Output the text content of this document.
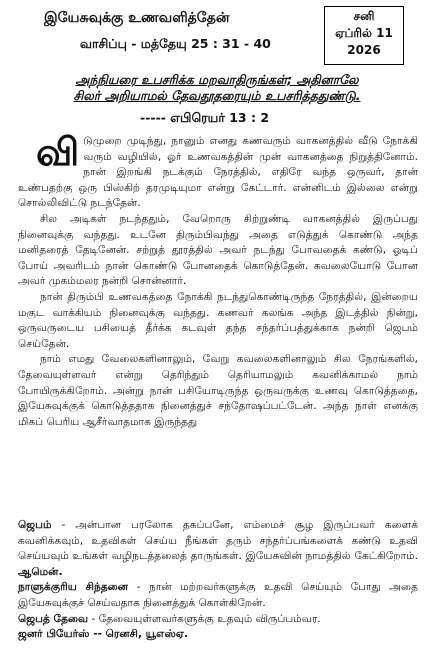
இயேசுவுக்கு உணவளித்தேன்
வாசிப்பு - மத்தேயு 25 : 31 - 40
சனி
ஏப்ரில் 11
2026
அந்நியரை உபசரிக்க மறவாதிருங்கள்; அதினாலே
சிலர் அறியாமல் தேவதூதரையும் உபசரித்ததுண்டு.
----- எபிரெயர் 13 : 2

வி டுமுறை முடிந்து, நானும் எனது கணவரும் வாகனத்தில் வீடு நோக்கி வரும் வழியில், ஓர் உணவகத்தின் முன் வாகனத்தை நிறுத்தினோம். நான் இறங்கி நடக்கும் நேரத்தில், எதிரே வந்த ஒருவர், தான் உண்பதற்கு ஒரு பிஸ்கிற் தரமுடியுமா என்று கேட்டார். என்னிடம் இல்லை என்று சொல்லிவிட்டு நடந்தேன்.

சில அடிகள் நடந்ததும், வேறொரு சிற்றுண்டி வாகனத்தில் இருப்பது நினைவுக்கு வந்தது. உடனே திரும்பிவந்து அதை எடுத்துக் கொண்டு அந்த மனிதரைத் தேடினேன். சற்றுத் தூரத்தில் அவர் நடந்து போவதைக் கண்டு, ஓடிப் போய் அவரிடம் நான் கொண்டு போனதைக் கொடுத்தேன். கவலையோடு போன அவர் முகம்மலர நன்றி சொன்னார்.

நான் திரும்பி உணவகத்தை நோக்கி நடந்துகொண்டிருந்த நேரத்தில், இன்றைய மகுட வாக்கியம் நினைவுக்கு வந்தது. கணவர் கலங்க அந்த இடத்தில் நின்று, ஒருவருடைய பசியைத் தீர்க்க கடவுள் தந்த சந்தர்ப்பத்துக்காக நன்றி ஜெபம் செய்தேன்.

நாம் எமது வேலைகளினாலும், வேறு கவலைகளினாலும் சில நேரங்களில், தேவையுள்ளவர் என்று தெரிந்தும் தெரியாமலும் கவனிக்காமல் நாம் போயிருக்கிறோம். அன்று நான் பசியோடிருந்த ஒருவருக்கு உணவு கொடுத்ததை, இயேசுவுக்குக் கொடுத்ததாக நினைத்துச் சந்தோஷப்பட்டேன். அந்த நாள் எனக்கு மிகப் பெரிய ஆசீர்வாதமாக இருந்தது

ஜெபம் - அன்பான பரலோக தகப்பனே, எம்மைச் சூழ இருப்பவர் களைக் கவனிக்கவும், உதவிகள் செய்ய நீங்கள் தரும் சந்தர்ப்பங்களைக் கண்டு உதவி செய்யவும் உங்கள் வழிநடத்தலைத் தாருங்கள். இயேசுவின் நாமத்தில் கேட்கிறோம். ஆமென்.

நாளுக்குரிய சிந்தனை - நான் மற்றவர்களுக்கு உதவி செய்யும் போது அதை இயேசுவுக்குச் செய்வதாக நினைத்துக் கொள்கிறேன்.

ஜெபத் தேவை - தேவையுள்ளவர்களுக்கு உதவும் விருப்பம்வர.

ஜனர் பியேர்ஸ் -- ரெனசி, யூஎஸ்ஏ.
